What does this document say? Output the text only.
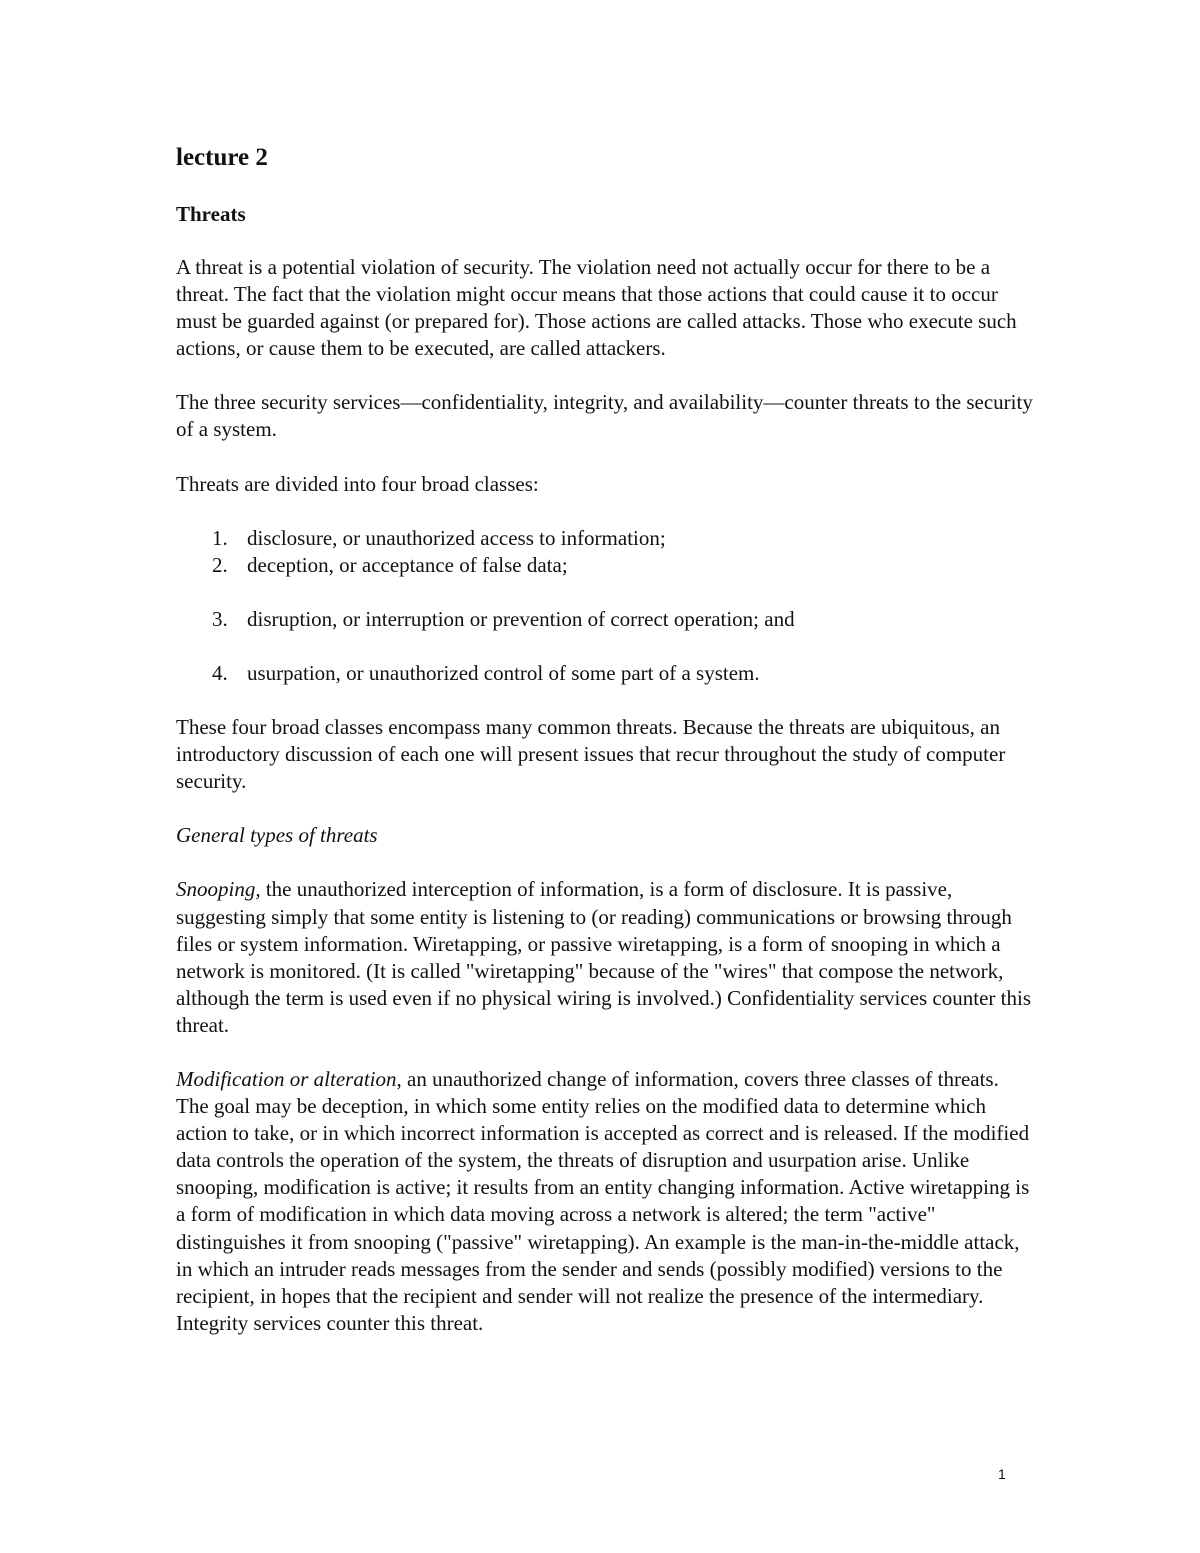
lecture 2
Threats

A threat is a potential violation of security. The violation need not actually occur for there to be a threat. The fact that the violation might occur means that those actions that could cause it to occur must be guarded against (or prepared for). Those actions are called attacks. Those who execute such actions, or cause them to be executed, are called attackers.

The three security services—confidentiality, integrity, and availability—counter threats to the security of a system.

Threats are divided into four broad classes:

1. disclosure, or unauthorized access to information;
2. deception, or acceptance of false data;
3. disruption, or interruption or prevention of correct operation; and
4. usurpation, or unauthorized control of some part of a system.

These four broad classes encompass many common threats. Because the threats are ubiquitous, an introductory discussion of each one will present issues that recur throughout the study of computer security.

General types of threats

Snooping, the unauthorized interception of information, is a form of disclosure. It is passive, suggesting simply that some entity is listening to (or reading) communications or browsing through files or system information. Wiretapping, or passive wiretapping, is a form of snooping in which a network is monitored. (It is called "wiretapping" because of the "wires" that compose the network, although the term is used even if no physical wiring is involved.) Confidentiality services counter this threat.

Modification or alteration, an unauthorized change of information, covers three classes of threats. The goal may be deception, in which some entity relies on the modified data to determine which action to take, or in which incorrect information is accepted as correct and is released. If the modified data controls the operation of the system, the threats of disruption and usurpation arise. Unlike snooping, modification is active; it results from an entity changing information. Active wiretapping is a form of modification in which data moving across a network is altered; the term "active" distinguishes it from snooping ("passive" wiretapping). An example is the man-in-the-middle attack, in which an intruder reads messages from the sender and sends (possibly modified) versions to the recipient, in hopes that the recipient and sender will not realize the presence of the intermediary. Integrity services counter this threat.

1
